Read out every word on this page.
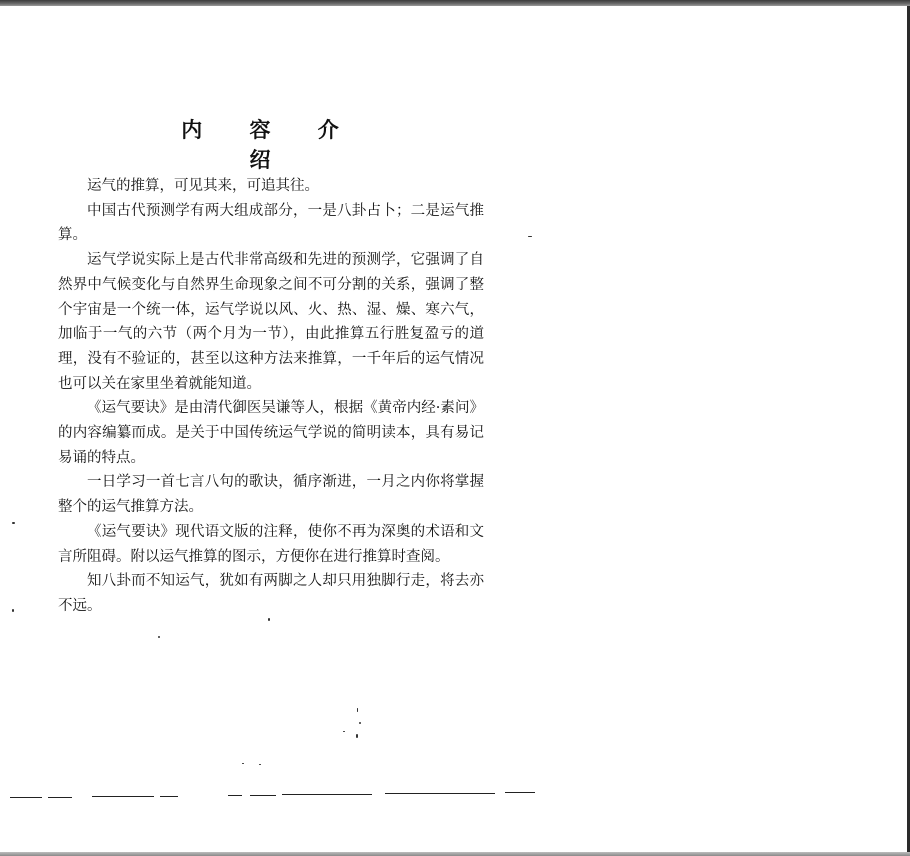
内 容 介 绍

运气的推算，可见其来，可追其往。

中国古代预测学有两大组成部分，一是八卦占卜；二是运气推算。

运气学说实际上是古代非常高级和先进的预测学，它强调了自然界中气候变化与自然界生命现象之间不可分割的关系，强调了整个宇宙是一个统一体，运气学说以风、火、热、湿、燥、寒六气，加临于一气的六节（两个月为一节），由此推算五行胜复盈亏的道理，没有不验证的，甚至以这种方法来推算，一千年后的运气情况也可以关在家里坐着就能知道。

《运气要诀》是由清代御医吴谦等人，根据《黄帝内经·素问》的内容编纂而成。是关于中国传统运气学说的简明读本，具有易记易诵的特点。

一日学习一首七言八句的歌诀，循序渐进，一月之内你将掌握整个的运气推算方法。

《运气要诀》现代语文版的注释，使你不再为深奥的术语和文言所阻碍。附以运气推算的图示，方便你在进行推算时查阅。

知八卦而不知运气，犹如有两脚之人却只用独脚行走，将去亦不远。
